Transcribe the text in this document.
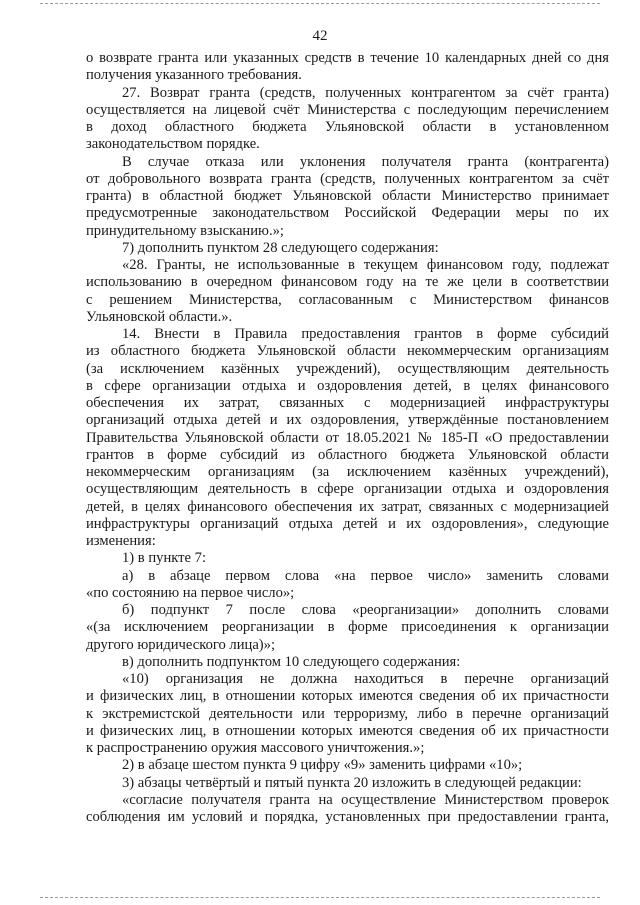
42
о возврате гранта или указанных средств в течение 10 календарных дней со дня
получения указанного требования.
27. Возврат гранта (средств, полученных контрагентом за счёт гранта)
осуществляется на лицевой счёт Министерства с последующим перечислением
в доход областного бюджета Ульяновской области в установленном
законодательством порядке.
В случае отказа или уклонения получателя гранта (контрагента)
от добровольного возврата гранта (средств, полученных контрагентом за счёт
гранта) в областной бюджет Ульяновской области Министерство принимает
предусмотренные законодательством Российской Федерации меры по их
принудительному взысканию.»;
7) дополнить пунктом 28 следующего содержания:
«28. Гранты, не использованные в текущем финансовом году, подлежат
использованию в очередном финансовом году на те же цели в соответствии
с решением Министерства, согласованным с Министерством финансов
Ульяновской области.».
14. Внести в Правила предоставления грантов в форме субсидий
из областного бюджета Ульяновской области некоммерческим организациям
(за исключением казённых учреждений), осуществляющим деятельность
в сфере организации отдыха и оздоровления детей, в целях финансового
обеспечения их затрат, связанных с модернизацией инфраструктуры
организаций отдыха детей и их оздоровления, утверждённые постановлением
Правительства Ульяновской области от 18.05.2021 № 185-П «О предоставлении
грантов в форме субсидий из областного бюджета Ульяновской области
некоммерческим организациям (за исключением казённых учреждений),
осуществляющим деятельность в сфере организации отдыха и оздоровления
детей, в целях финансового обеспечения их затрат, связанных с модернизацией
инфраструктуры организаций отдыха детей и их оздоровления», следующие
изменения:
1) в пункте 7:
а) в абзаце первом слова «на первое число» заменить словами
«по состоянию на первое число»;
б) подпункт 7 после слова «реорганизации» дополнить словами
«(за исключением реорганизации в форме присоединения к организации
другого юридического лица)»;
в) дополнить подпунктом 10 следующего содержания:
«10) организация не должна находиться в перечне организаций
и физических лиц, в отношении которых имеются сведения об их причастности
к экстремистской деятельности или терроризму, либо в перечне организаций
и физических лиц, в отношении которых имеются сведения об их причастности
к распространению оружия массового уничтожения.»;
2) в абзаце шестом пункта 9 цифру «9» заменить цифрами «10»;
3) абзацы четвёртый и пятый пункта 20 изложить в следующей редакции:
«согласие получателя гранта на осуществление Министерством проверок
соблюдения им условий и порядка, установленных при предоставлении гранта,
